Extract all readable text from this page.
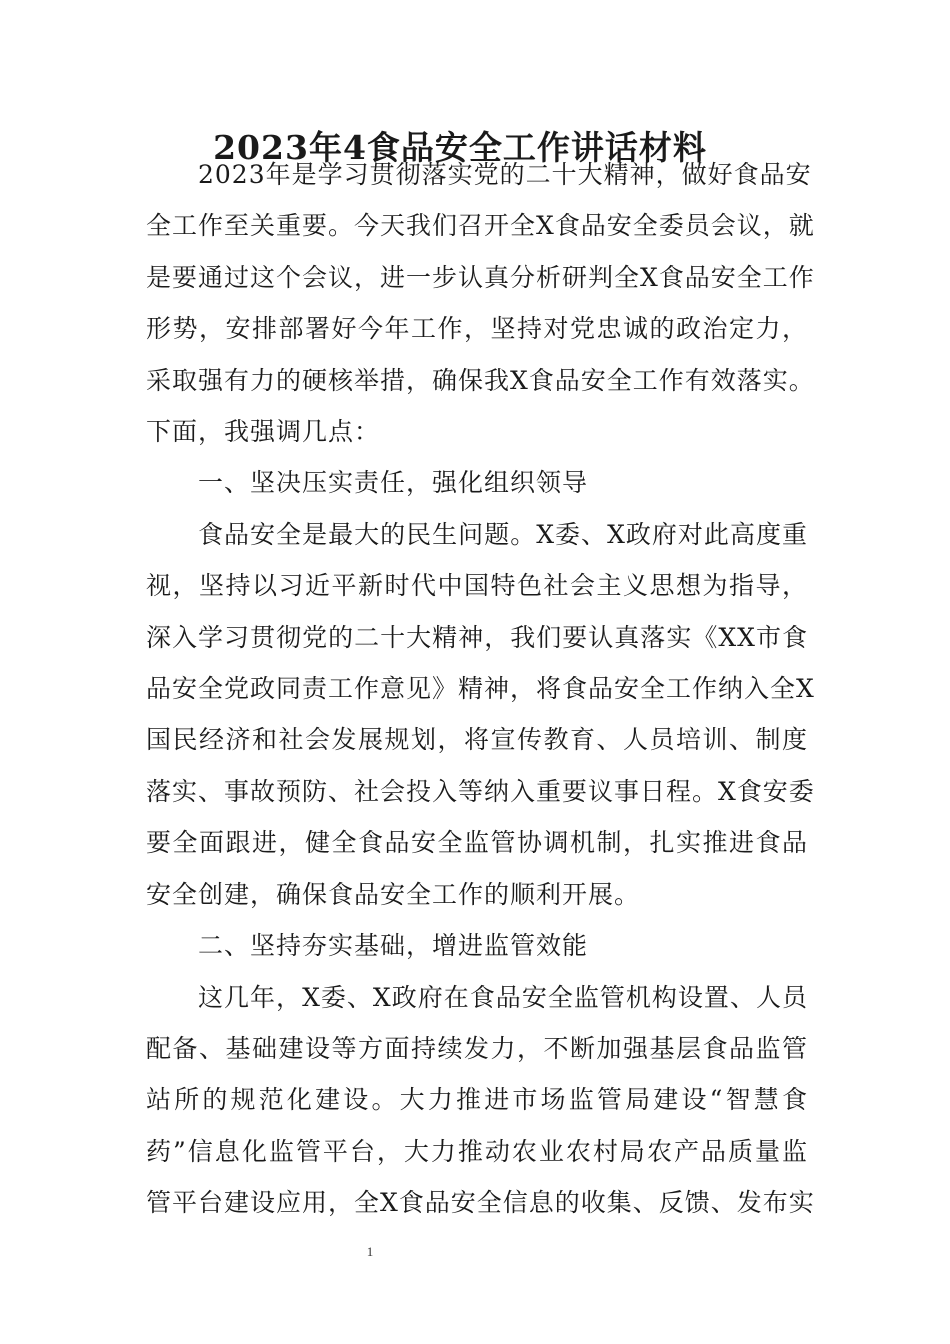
2023年4食品安全工作讲话材料

2023年是学习贯彻落实党的二十大精神，做好食品安
全工作至关重要。今天我们召开全X食品安全委员会议，就
是要通过这个会议，进一步认真分析研判全X食品安全工作
形势，安排部署好今年工作，坚持对党忠诚的政治定力，
采取强有力的硬核举措，确保我X食品安全工作有效落实。
下面，我强调几点：

一、坚决压实责任，强化组织领导

食品安全是最大的民生问题。X委、X政府对此高度重
视，坚持以习近平新时代中国特色社会主义思想为指导，
深入学习贯彻党的二十大精神，我们要认真落实《XX市食
品安全党政同责工作意见》精神，将食品安全工作纳入全X
国民经济和社会发展规划，将宣传教育、人员培训、制度
落实、事故预防、社会投入等纳入重要议事日程。X食安委
要全面跟进，健全食品安全监管协调机制，扎实推进食品
安全创建，确保食品安全工作的顺利开展。

二、坚持夯实基础，增进监管效能

这几年，X委、X政府在食品安全监管机构设置、人员
配备、基础建设等方面持续发力，不断加强基层食品监管
站所的规范化建设。大力推进市场监管局建设“智慧食
药”信息化监管平台，大力推动农业农村局农产品质量监
管平台建设应用，全X食品安全信息的收集、反馈、发布实

1
